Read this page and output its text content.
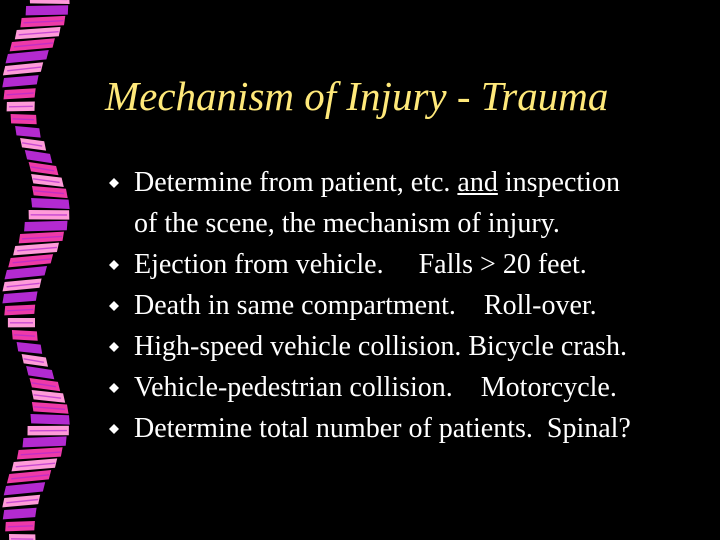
Mechanism of Injury - Trauma
Determine from patient, etc. and inspection
of the scene, the mechanism of injury.
Ejection from vehicle.     Falls > 20 feet.
Death in same compartment.    Roll-over.
High-speed vehicle collision. Bicycle crash.
Vehicle-pedestrian collision.    Motorcycle.
Determine total number of patients.  Spinal?
